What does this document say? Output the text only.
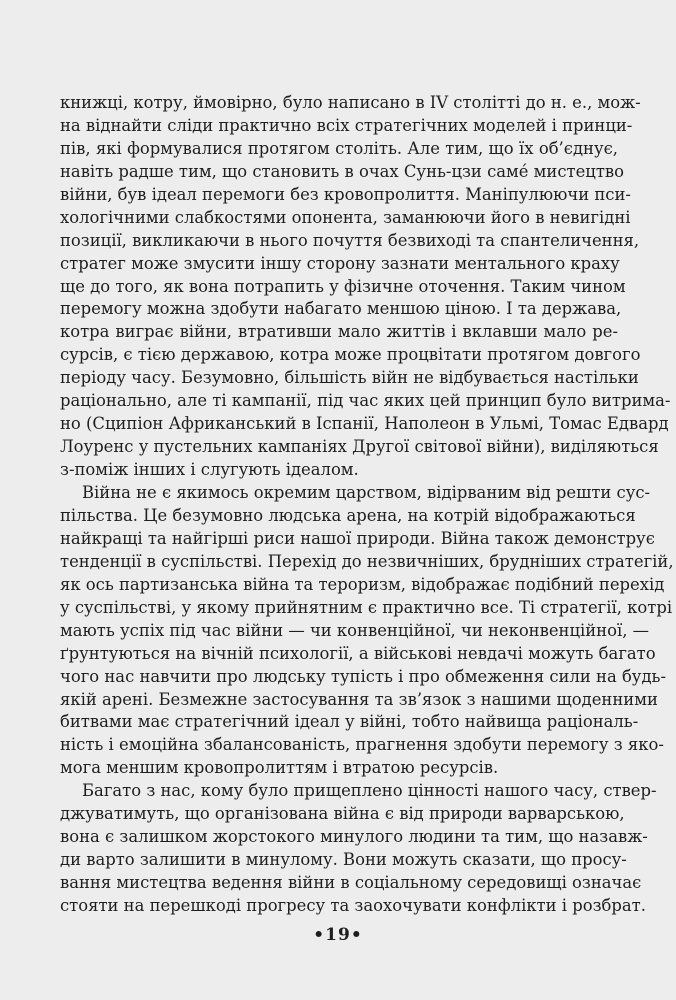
книжці, котру, ймовірно, було написано в IV столітті до н. е., мож-
на віднайти сліди практично всіх стратегічних моделей і принци-
пів, які формувалися протягом століть. Але тим, що їх об’єднує,
навіть радше тим, що становить в очах Сунь-цзи саме́ мистецтво
війни, був ідеал перемоги без кровопролиття. Маніпулюючи пси-
хологічними слабкостями опонента, заманюючи його в невигідні
позиції, викликаючи в нього почуття безвиході та спантеличення,
стратег може змусити іншу сторону зазнати ментального краху
ще до того, як вона потрапить у фізичне оточення. Таким чином
перемогу можна здобути набагато меншою ціною. І та держава,
котра виграє війни, втративши мало життів і вклавши мало ре-
сурсів, є тією державою, котра може процвітати протягом довгого
періоду часу. Безумовно, більшість війн не відбувається настільки
раціонально, але ті кампанії, під час яких цей принцип було витрима-
но (Сципіон Африканський в Іспанії, Наполеон в Ульмі, Томас Едвард
Лоуренс у пустельних кампаніях Другої світової війни), виділяються
з-поміж інших і слугують ідеалом.
Війна не є якимось окремим царством, відірваним від решти сус-
пільства. Це безумовно людська арена, на котрій відображаються
найкращі та найгірші риси нашої природи. Війна також демонструє
тенденції в суспільстві. Перехід до незвичніших, брудніших стратегій,
як ось партизанська війна та тероризм, відображає подібний перехід
у суспільстві, у якому прийнятним є практично все. Ті стратегії, котрі
мають успіх під час війни — чи конвенційної, чи неконвенційної, —
ґрунтуються на вічній психології, а військові невдачі можуть багато
чого нас навчити про людську тупість і про обмеження сили на будь-
якій арені. Безмежне застосування та зв’язок з нашими щоденними
битвами має стратегічний ідеал у війні, тобто найвища раціональ-
ність і емоційна збалансованість, прагнення здобути перемогу з яко-
мога меншим кровопролиттям і втратою ресурсів.
Багато з нас, кому було прищеплено цінності нашого часу, ствер-
джуватимуть, що організована війна є від природи варварською,
вона є залишком жорстокого минулого людини та тим, що назавж-
ди варто залишити в минулому. Вони можуть сказати, що просу-
вання мистецтва ведення війни в соціальному середовищі означає
стояти на перешкоді прогресу та заохочувати конфлікти і розбрат.
•19•
